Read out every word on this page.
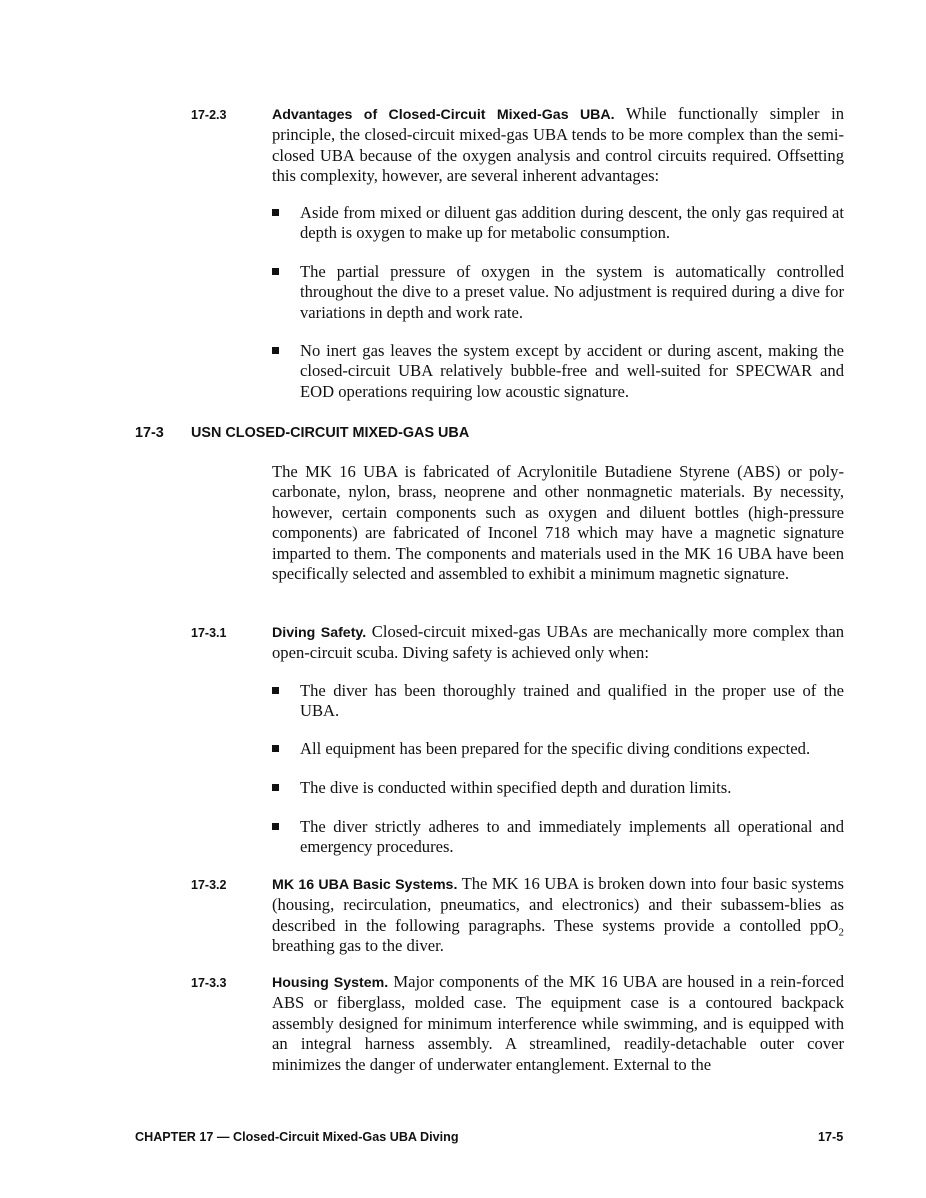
17-2.3	Advantages of Closed-Circuit Mixed-Gas UBA. While functionally simpler in principle, the closed-circuit mixed-gas UBA tends to be more complex than the semi-closed UBA because of the oxygen analysis and control circuits required. Offsetting this complexity, however, are several inherent advantages:
Aside from mixed or diluent gas addition during descent, the only gas required at depth is oxygen to make up for metabolic consumption.
The partial pressure of oxygen in the system is automatically controlled throughout the dive to a preset value. No adjustment is required during a dive for variations in depth and work rate.
No inert gas leaves the system except by accident or during ascent, making the closed-circuit UBA relatively bubble-free and well-suited for SPECWAR and EOD operations requiring low acoustic signature.
17-3 USN CLOSED-CIRCUIT MIXED-GAS UBA
The MK 16 UBA is fabricated of Acrylonitile Butadiene Styrene (ABS) or poly-carbonate, nylon, brass, neoprene and other nonmagnetic materials. By necessity, however, certain components such as oxygen and diluent bottles (high-pressure components) are fabricated of Inconel 718 which may have a magnetic signature imparted to them. The components and materials used in the MK 16 UBA have been specifically selected and assembled to exhibit a minimum magnetic signature.
17-3.1	Diving Safety. Closed-circuit mixed-gas UBAs are mechanically more complex than open-circuit scuba. Diving safety is achieved only when:
The diver has been thoroughly trained and qualified in the proper use of the UBA.
All equipment has been prepared for the specific diving conditions expected.
The dive is conducted within specified depth and duration limits.
The diver strictly adheres to and immediately implements all operational and emergency procedures.
17-3.2	MK 16 UBA Basic Systems. The MK 16 UBA is broken down into four basic systems (housing, recirculation, pneumatics, and electronics) and their subassem-blies as described in the following paragraphs. These systems provide a contolled ppO$_2$ breathing gas to the diver.
17-3.3	Housing System. Major components of the MK 16 UBA are housed in a rein-forced ABS or fiberglass, molded case. The equipment case is a contoured backpack assembly designed for minimum interference while swimming, and is equipped with an integral harness assembly. A streamlined, readily-detachable outer cover minimizes the danger of underwater entanglement. External to the
CHAPTER 17 — Closed-Circuit Mixed-Gas UBA Diving	17-5
